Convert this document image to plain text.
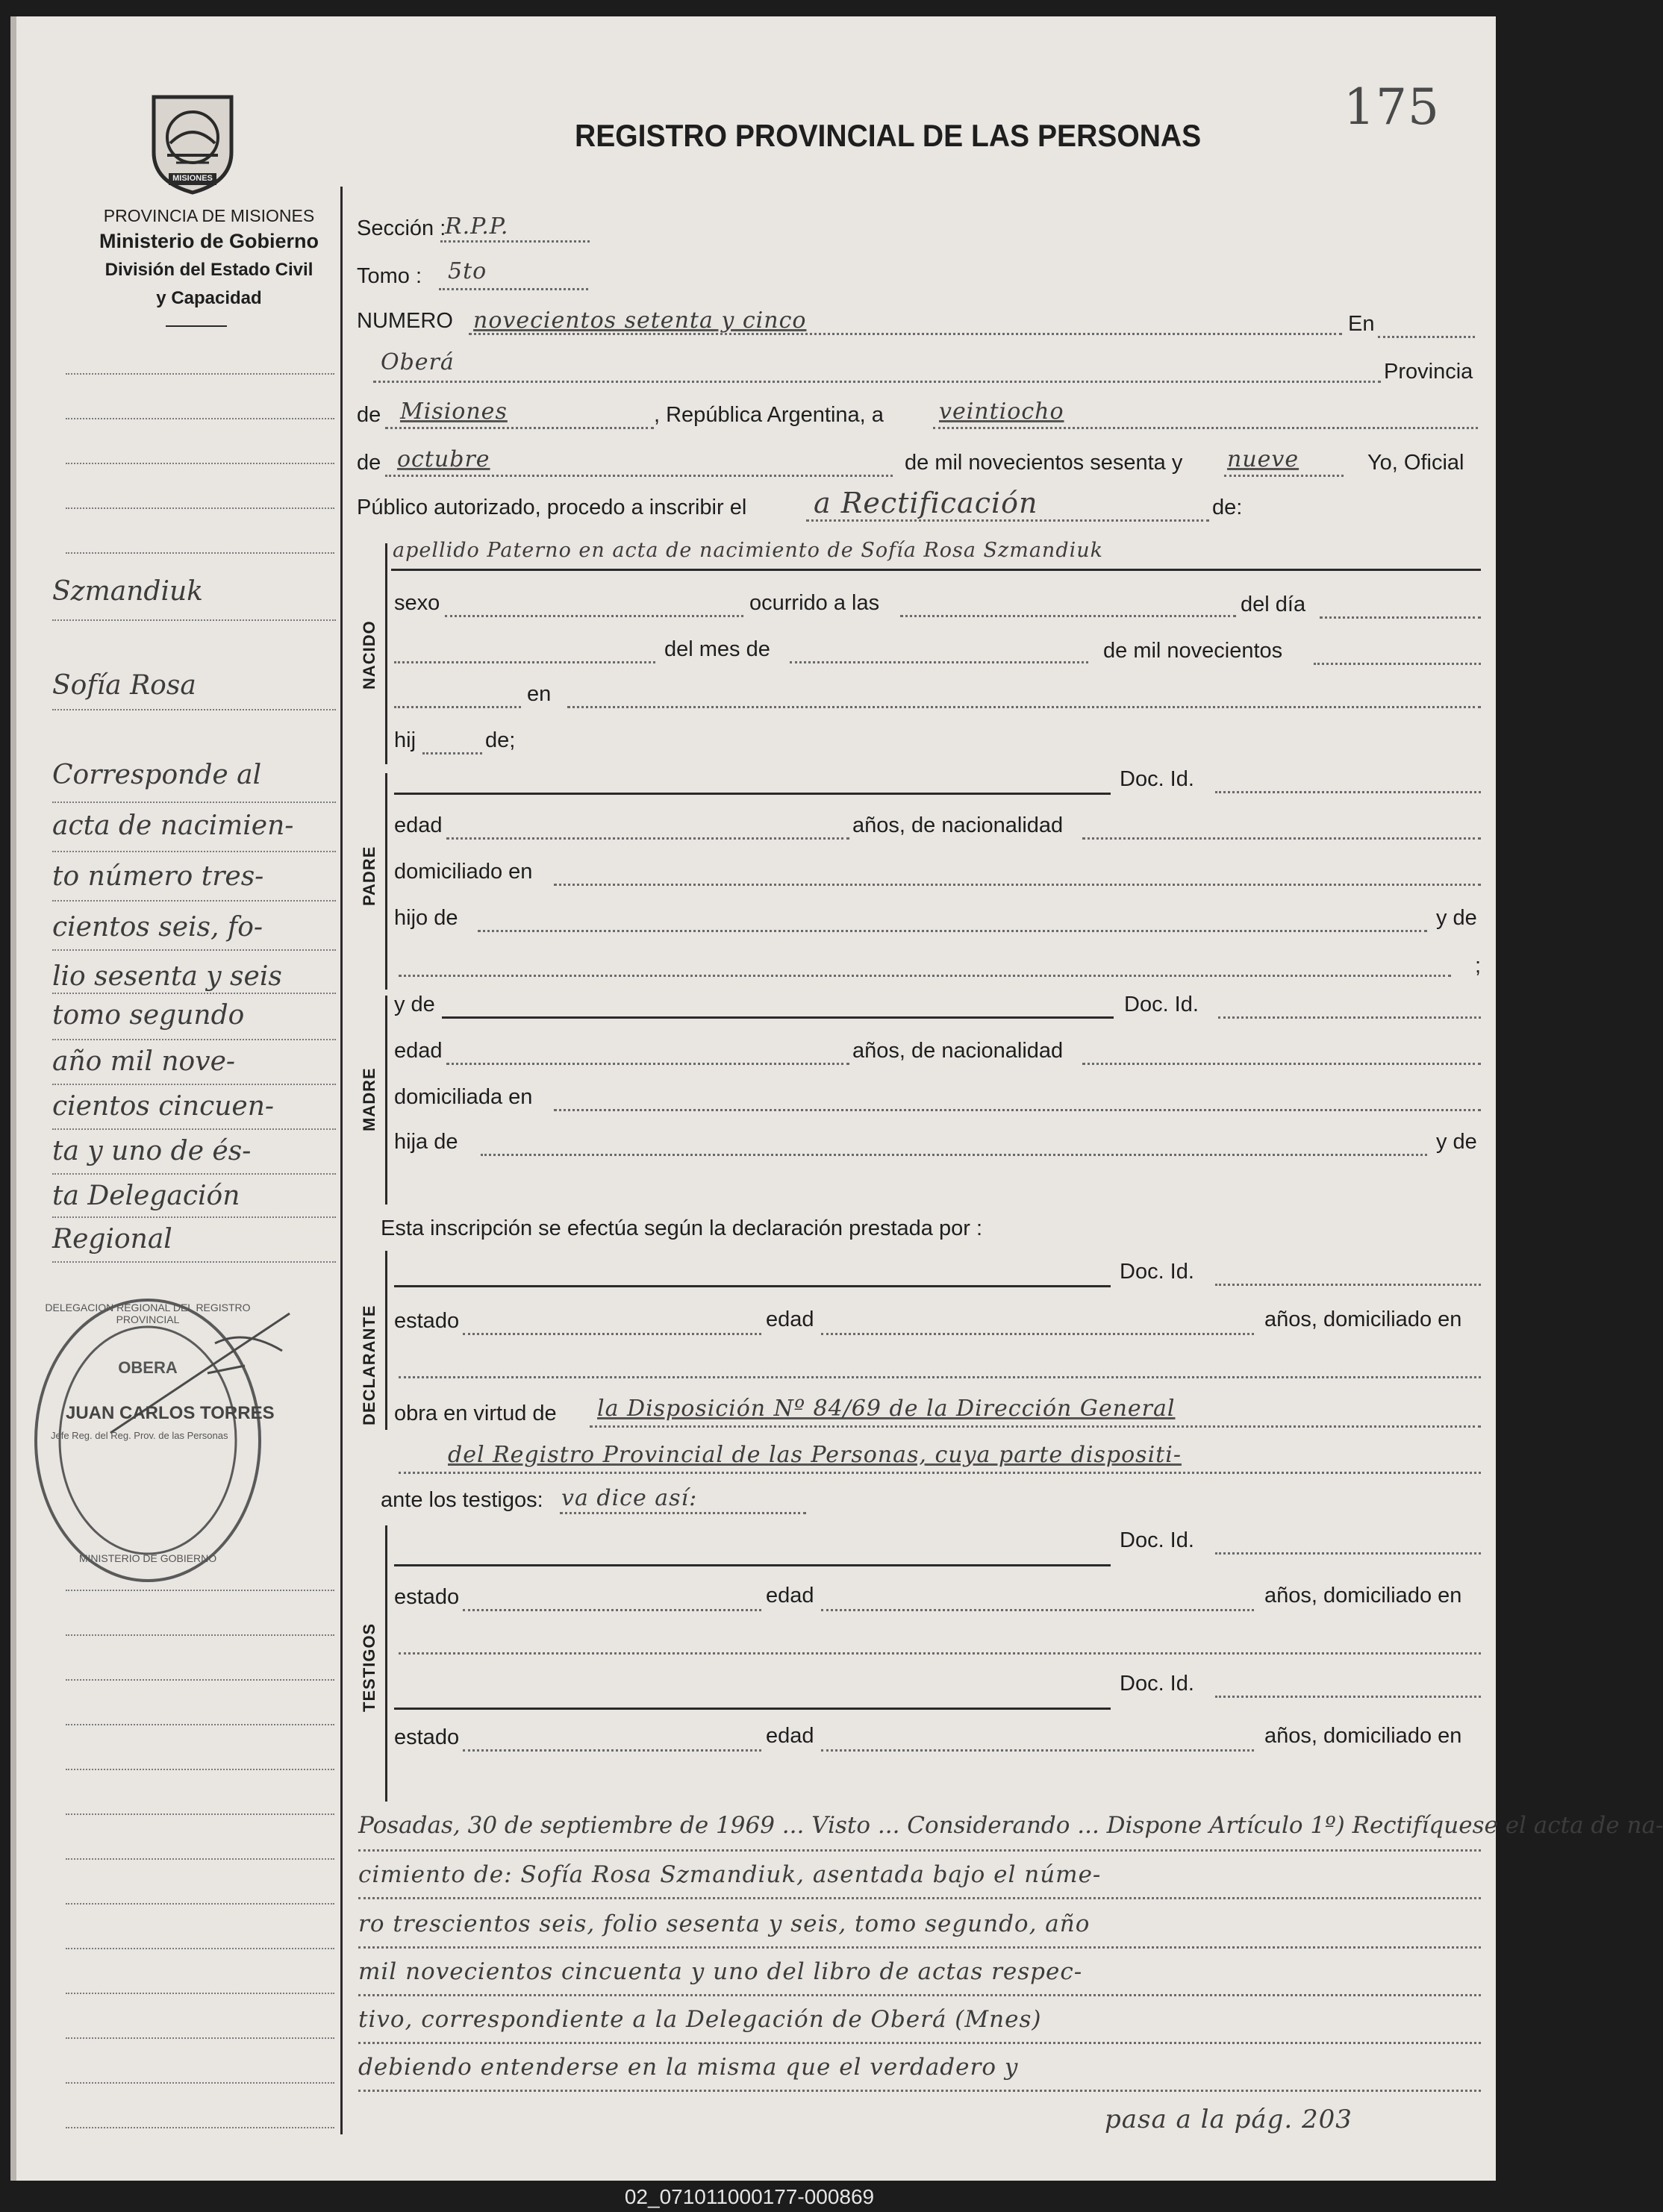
175
MISIONES
PROVINCIA DE MISIONES
Ministerio de Gobierno
División del Estado Civil
y Capacidad
REGISTRO PROVINCIAL DE LAS PERSONAS
Szmandiuk
Sofía Rosa
Corresponde al
acta de nacimien-
to número tres-
cientos seis, fo-
lio sesenta y seis
tomo segundo
año mil nove-
cientos cincuen-
ta y uno de és-
ta Delegación
Regional
OBERA
JUAN CARLOS TORRES
Jefe Reg. del Reg. Prov. de las Personas
DELEGACION REGIONAL DEL REGISTRO PROVINCIAL
MINISTERIO DE GOBIERNO
Sección :
R.P.P.
Tomo : 5to
NUMERO novecientos setenta y cinco	En
Oberá	Provincia
de Misiones	, República Argentina, a veintiocho
de octubre	de mil novecientos sesenta y nueve	Yo, Oficial
Público autorizado, procedo a inscribir el a Rectificación	de:
NACIDO
apellido Paterno en acta de nacimiento de Sofía Rosa Szmandiuk
sexo	ocurrido a las	del día
del mes de	de mil novecientos
en
hij	de;
PADRE
Doc. Id.
edad	años, de nacionalidad
domiciliado en
hijo de	y de
;
MADRE
y de	Doc. Id.
edad	años, de nacionalidad
domiciliada en
hija de	y de
Esta inscripción se efectúa según la declaración prestada por :
DECLARANTE
Doc. Id.
estado	edad	años, domiciliado en
obra en virtud de la Disposición Nº 84/69 de la Dirección General
del Registro Provincial de las Personas, cuya parte dispositi-
ante los testigos: va dice así:
TESTIGOS
Doc. Id.
estado	edad	años, domiciliado en
Doc. Id.
estado	edad	años, domiciliado en
Posadas, 30 de septiembre de 1969 ... Visto ... Considerando ... Dispone Artículo 1º) Rectifíquese el acta de na-
cimiento de: Sofía Rosa Szmandiuk, asentada bajo el núme-
ro trescientos seis, folio sesenta y seis, tomo segundo, año
mil novecientos cincuenta y uno del libro de actas respec-
tivo, correspondiente a la Delegación de Oberá (Mnes)
debiendo entenderse en la misma que el verdadero y
pasa a la pág. 203
02_071011000177-000869
